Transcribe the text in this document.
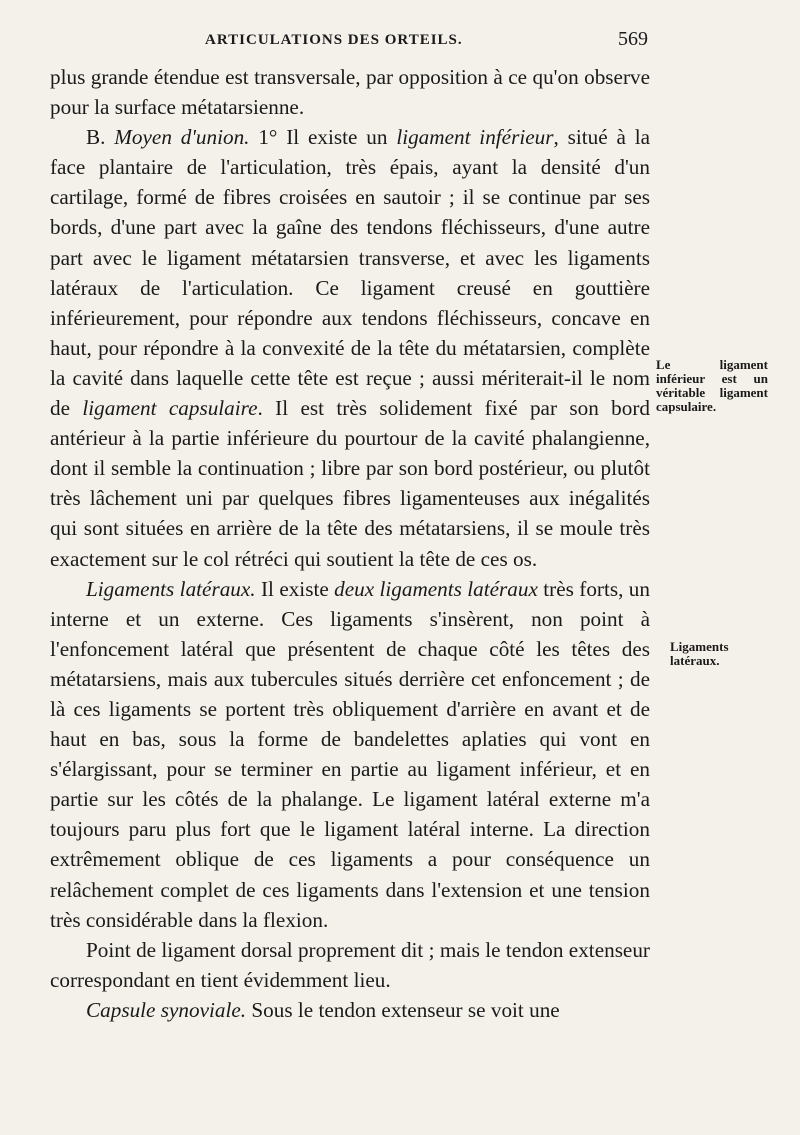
ARTICULATIONS DES ORTEILS.	569

plus grande étendue est transversale, par opposition à ce qu'on observe pour la surface métatarsienne.

B. Moyen d'union. 1° Il existe un ligament inférieur, situé à la face plantaire de l'articulation, très épais, ayant la densité d'un cartilage, formé de fibres croisées en sautoir ; il se continue par ses bords, d'une part avec la gaîne des tendons fléchisseurs, d'une autre part avec le ligament métatarsien transverse, et avec les ligaments latéraux de l'articulation. Ce ligament creusé en gouttière inférieurement, pour répondre aux tendons fléchisseurs, concave en haut, pour répondre à la convexité de la tête du métatarsien, complète la cavité dans laquelle cette tête est reçue ; aussi mériterait-il le nom de ligament capsulaire. Il est très solidement fixé par son bord antérieur à la partie inférieure du pourtour de la cavité phalangienne, dont il semble la continuation ; libre par son bord postérieur, ou plutôt très lâchement uni par quelques fibres ligamenteuses aux inégalités qui sont situées en arrière de la tête des métatarsiens, il se moule très exactement sur le col rétréci qui soutient la tête de ces os.

Ligaments latéraux. Il existe deux ligaments latéraux très forts, un interne et un externe. Ces ligaments s'insèrent, non point à l'enfoncement latéral que présentent de chaque côté les têtes des métatarsiens, mais aux tubercules situés derrière cet enfoncement ; de là ces ligaments se portent très obliquement d'arrière en avant et de haut en bas, sous la forme de bandelettes aplaties qui vont en s'élargissant, pour se terminer en partie au ligament inférieur, et en partie sur les côtés de la phalange. Le ligament latéral externe m'a toujours paru plus fort que le ligament latéral interne. La direction extrêmement oblique de ces ligaments a pour conséquence un relâchement complet de ces ligaments dans l'extension et une tension très considérable dans la flexion.

Point de ligament dorsal proprement dit ; mais le tendon extenseur correspondant en tient évidemment lieu.

Capsule synoviale. Sous le tendon extenseur se voit une

Le ligament inférieur est un véritable ligament capsulaire.
Ligaments latéraux.
